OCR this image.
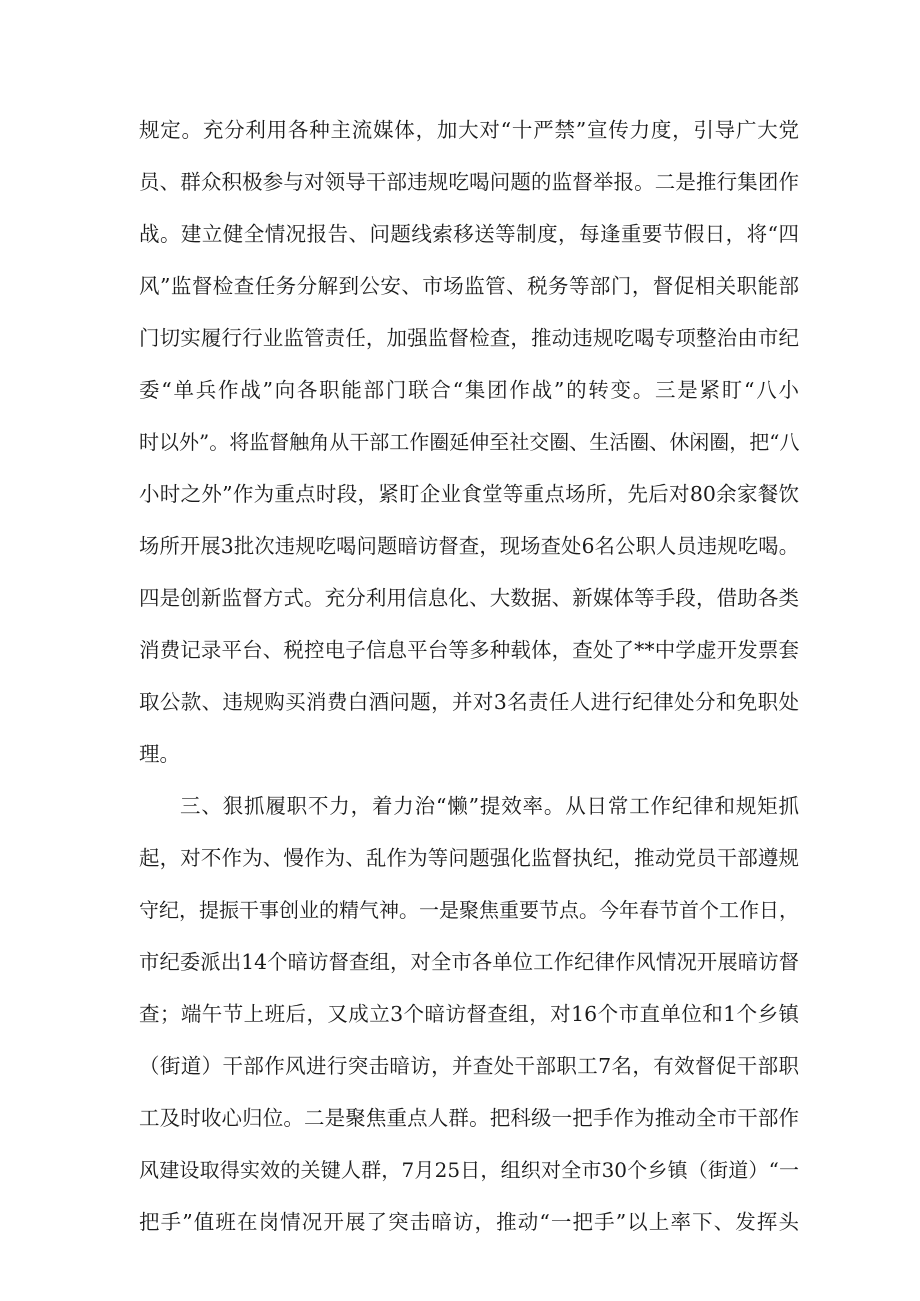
规定。充分利用各种主流媒体，加大对“十严禁”宣传力度，引导广大党
员、群众积极参与对领导干部违规吃喝问题的监督举报。二是推行集团作
战。建立健全情况报告、问题线索移送等制度，每逢重要节假日，将“四
风”监督检查任务分解到公安、市场监管、税务等部门，督促相关职能部
门切实履行行业监管责任，加强监督检查，推动违规吃喝专项整治由市纪
委“单兵作战”向各职能部门联合“集团作战”的转变。三是紧盯“八小
时以外”。将监督触角从干部工作圈延伸至社交圈、生活圈、休闲圈，把“八
小时之外”作为重点时段，紧盯企业食堂等重点场所，先后对80余家餐饮
场所开展3批次违规吃喝问题暗访督查，现场查处6名公职人员违规吃喝。
四是创新监督方式。充分利用信息化、大数据、新媒体等手段，借助各类
消费记录平台、税控电子信息平台等多种载体，查处了**中学虚开发票套
取公款、违规购买消费白酒问题，并对3名责任人进行纪律处分和免职处
理。
三、狠抓履职不力，着力治“懒”提效率。从日常工作纪律和规矩抓
起，对不作为、慢作为、乱作为等问题强化监督执纪，推动党员干部遵规
守纪，提振干事创业的精气神。一是聚焦重要节点。今年春节首个工作日，
市纪委派出14个暗访督查组，对全市各单位工作纪律作风情况开展暗访督
查；端午节上班后，又成立3个暗访督查组，对16个市直单位和1个乡镇
（街道）干部作风进行突击暗访，并查处干部职工7名，有效督促干部职
工及时收心归位。二是聚焦重点人群。把科级一把手作为推动全市干部作
风建设取得实效的关键人群，7月25日，组织对全市30个乡镇（街道）“一
把手”值班在岗情况开展了突击暗访，推动“一把手”以上率下、发挥头
